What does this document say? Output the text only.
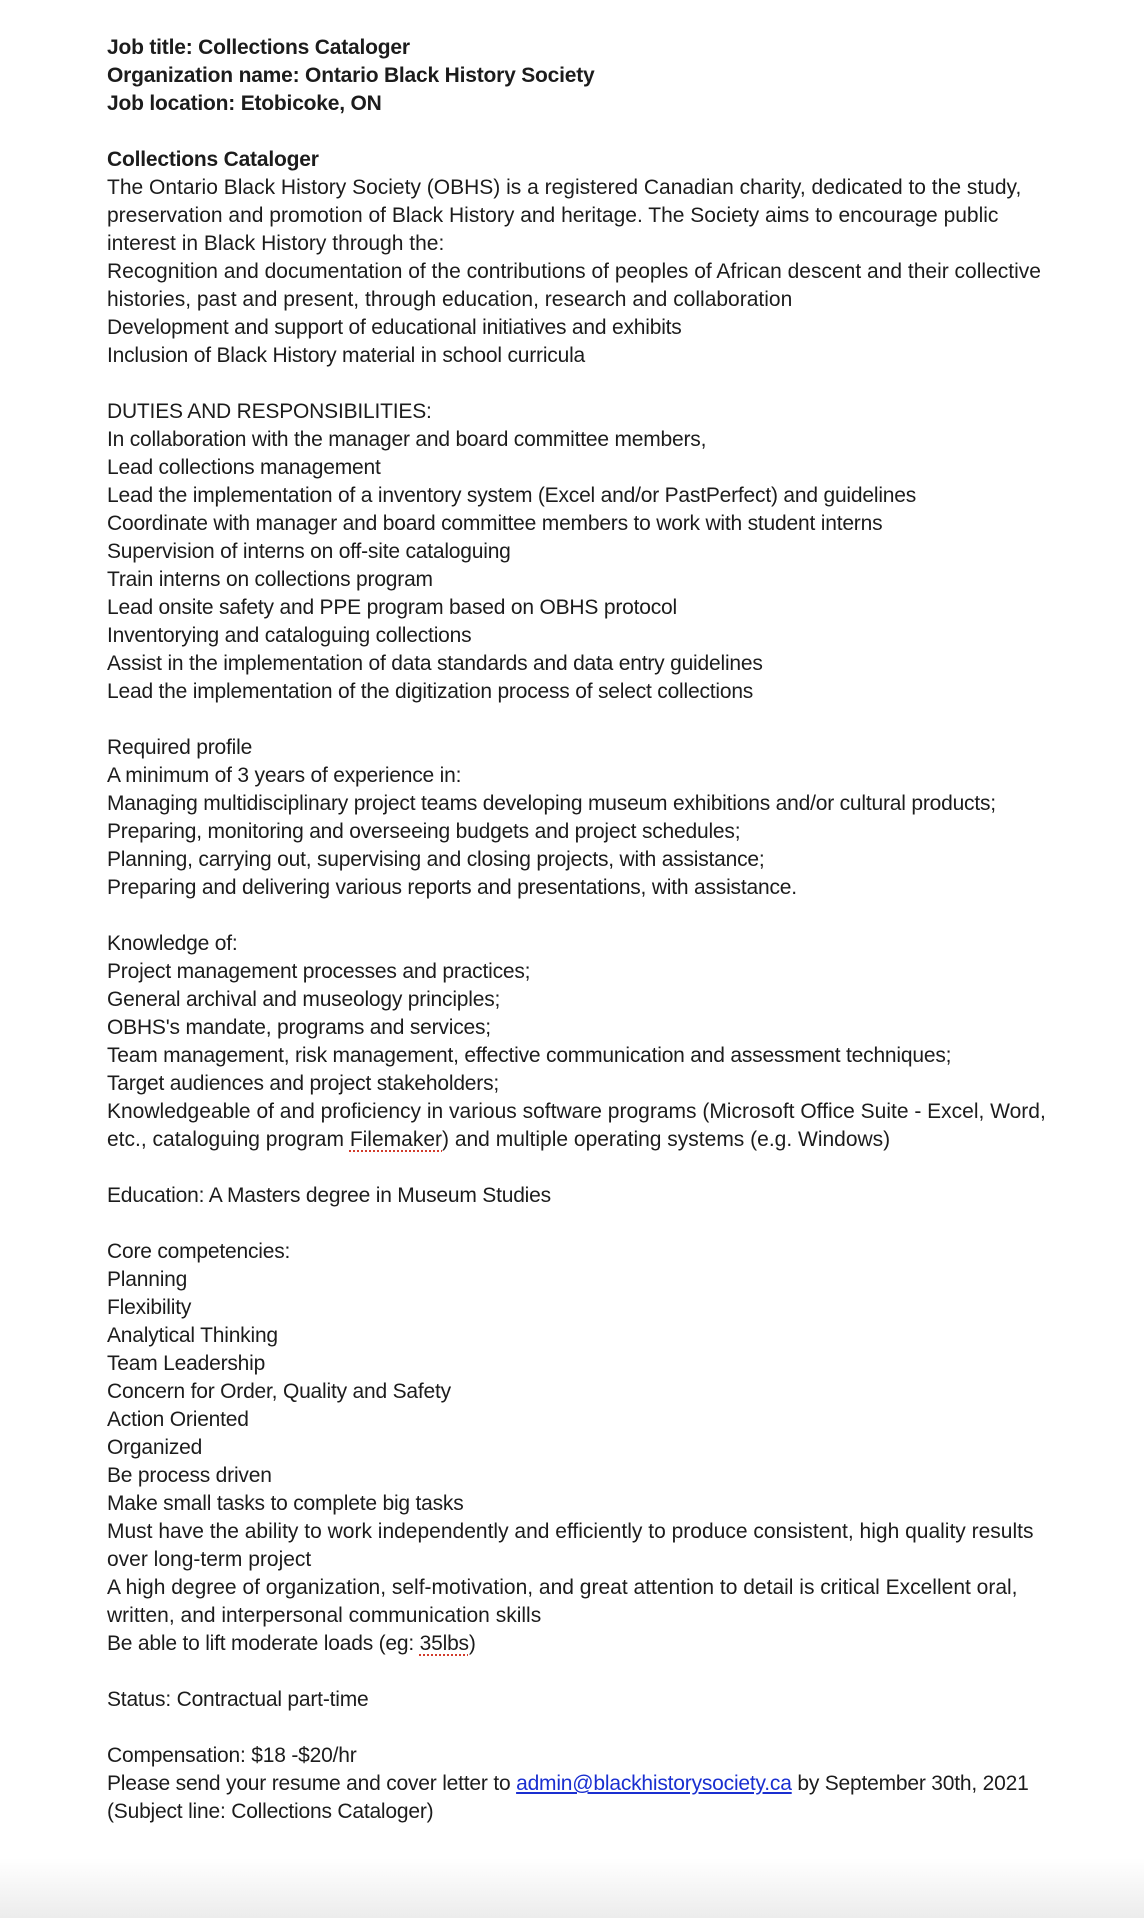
Job title: Collections Cataloger
Organization name: Ontario Black History Society
Job location: Etobicoke, ON
Collections Cataloger
The Ontario Black History Society (OBHS) is a registered Canadian charity, dedicated to the study, preservation and promotion of Black History and heritage. The Society aims to encourage public interest in Black History through the:
Recognition and documentation of the contributions of peoples of African descent and their collective histories, past and present, through education, research and collaboration
Development and support of educational initiatives and exhibits
Inclusion of Black History material in school curricula
DUTIES AND RESPONSIBILITIES:
In collaboration with the manager and board committee members,
Lead collections management
Lead the implementation of a inventory system (Excel and/or PastPerfect) and guidelines
Coordinate with manager and board committee members to work with student interns
Supervision of interns on off-site cataloguing
Train interns on collections program
Lead onsite safety and PPE program based on OBHS protocol
Inventorying and cataloguing collections
Assist in the implementation of data standards and data entry guidelines
Lead the implementation of the digitization process of select collections
Required profile
A minimum of 3 years of experience in:
Managing multidisciplinary project teams developing museum exhibitions and/or cultural products;
Preparing, monitoring and overseeing budgets and project schedules;
Planning, carrying out, supervising and closing projects, with assistance;
Preparing and delivering various reports and presentations, with assistance.
Knowledge of:
Project management processes and practices;
General archival and museology principles;
OBHS's mandate, programs and services;
Team management, risk management, effective communication and assessment techniques;
Target audiences and project stakeholders;
Knowledgeable of and proficiency in various software programs (Microsoft Office Suite - Excel, Word, etc., cataloguing program Filemaker) and multiple operating systems (e.g. Windows)
Education: A Masters degree in Museum Studies
Core competencies:
Planning
Flexibility
Analytical Thinking
Team Leadership
Concern for Order, Quality and Safety
Action Oriented
Organized
Be process driven
Make small tasks to complete big tasks
Must have the ability to work independently and efficiently to produce consistent, high quality results over long-term project
A high degree of organization, self-motivation, and great attention to detail is critical Excellent oral, written, and interpersonal communication skills
Be able to lift moderate loads (eg: 35lbs)
Status: Contractual part-time
Compensation: $18 -$20/hr
Please send your resume and cover letter to admin@blackhistorysociety.ca by September 30th, 2021
(Subject line: Collections Cataloger)
